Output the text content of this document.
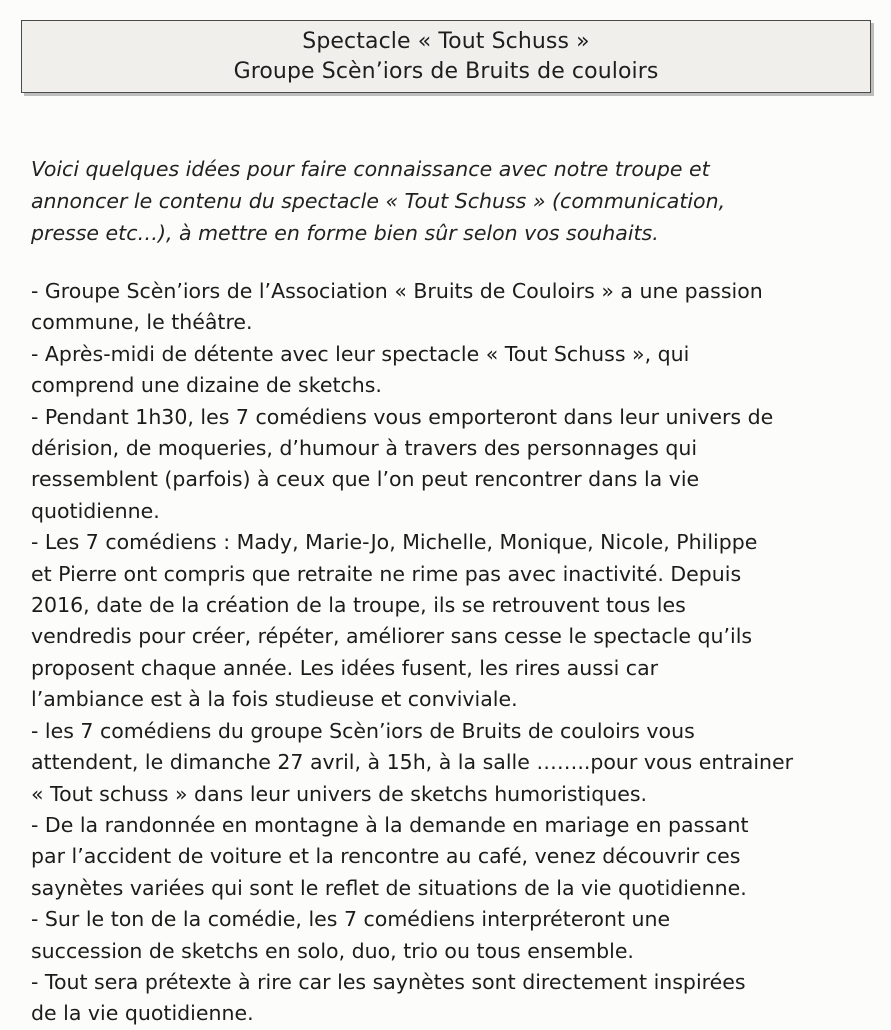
Spectacle « Tout Schuss »
Groupe Scèn’iors de Bruits de couloirs
Voici quelques idées pour faire connaissance avec notre troupe et
annoncer le contenu du spectacle « Tout Schuss » (communication,
presse etc…), à mettre en forme bien sûr selon vos souhaits.
- Groupe Scèn’iors de l’Association « Bruits de Couloirs » a une passion
commune, le théâtre.
- Après-midi de détente avec leur spectacle « Tout Schuss », qui
comprend une dizaine de sketchs.
- Pendant 1h30, les 7 comédiens vous emporteront dans leur univers de
dérision, de moqueries, d’humour à travers des personnages qui
ressemblent (parfois) à ceux que l’on peut rencontrer dans la vie
quotidienne.
- Les 7 comédiens : Mady, Marie-Jo, Michelle, Monique, Nicole, Philippe
et Pierre ont compris que retraite ne rime pas avec inactivité. Depuis
2016, date de la création de la troupe, ils se retrouvent tous les
vendredis pour créer, répéter, améliorer sans cesse le spectacle qu’ils
proposent chaque année. Les idées fusent, les rires aussi car
l’ambiance est à la fois studieuse et conviviale.
- les 7 comédiens du groupe Scèn’iors de Bruits de couloirs vous
attendent, le dimanche 27 avril, à 15h, à la salle ……..pour vous entrainer
« Tout schuss » dans leur univers de sketchs humoristiques.
- De la randonnée en montagne à la demande en mariage en passant
par l’accident de voiture et la rencontre au café, venez découvrir ces
saynètes variées qui sont le reflet de situations de la vie quotidienne.
- Sur le ton de la comédie, les 7 comédiens interpréteront une
succession de sketchs en solo, duo, trio ou tous ensemble.
- Tout sera prétexte à rire car les saynètes sont directement inspirées
de la vie quotidienne.
